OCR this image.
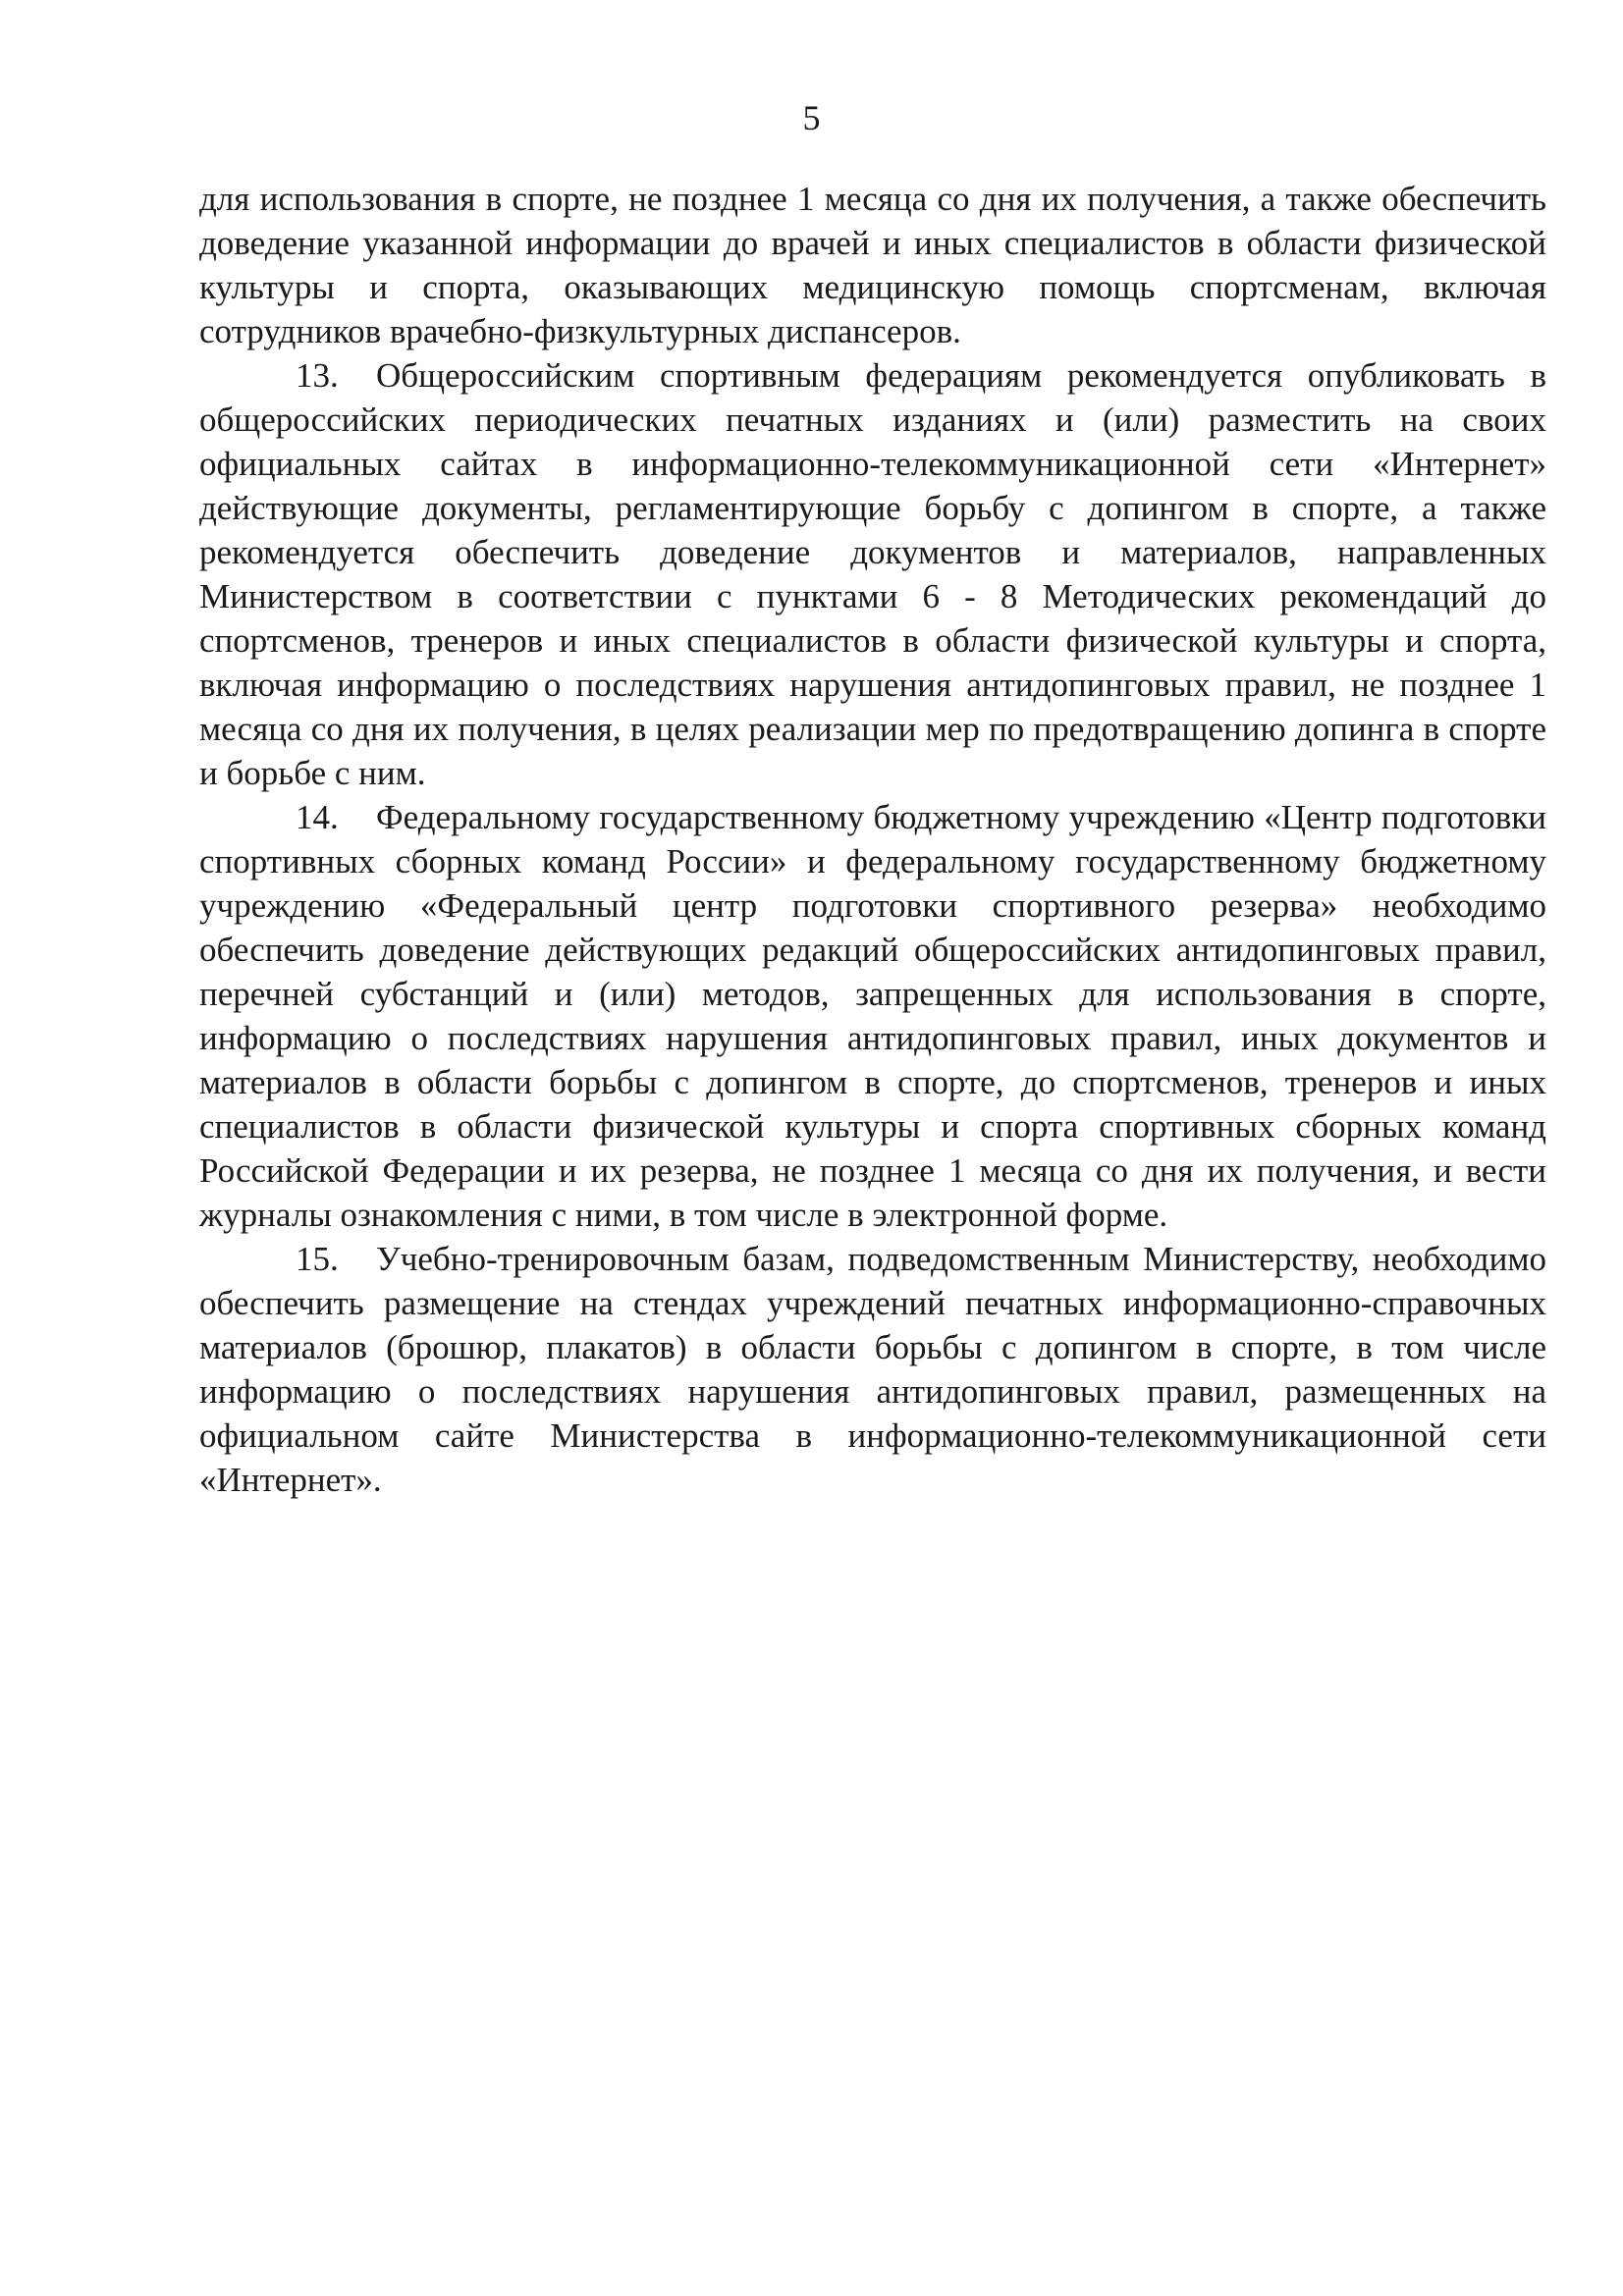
5

для использования в спорте, не позднее 1 месяца со дня их получения, а также обеспечить доведение указанной информации до врачей и иных специалистов в области физической культуры и спорта, оказывающих медицинскую помощь спортсменам, включая сотрудников врачебно-физкультурных диспансеров.

13. Общероссийским спортивным федерациям рекомендуется опубликовать в общероссийских периодических печатных изданиях и (или) разместить на своих официальных сайтах в информационно-телекоммуникационной сети «Интернет» действующие документы, регламентирующие борьбу с допингом в спорте, а также рекомендуется обеспечить доведение документов и материалов, направленных Министерством в соответствии с пунктами 6 - 8 Методических рекомендаций до спортсменов, тренеров и иных специалистов в области физической культуры и спорта, включая информацию о последствиях нарушения антидопинговых правил, не позднее 1 месяца со дня их получения, в целях реализации мер по предотвращению допинга в спорте и борьбе с ним.

14. Федеральному государственному бюджетному учреждению «Центр подготовки спортивных сборных команд России» и федеральному государственному бюджетному учреждению «Федеральный центр подготовки спортивного резерва» необходимо обеспечить доведение действующих редакций общероссийских антидопинговых правил, перечней субстанций и (или) методов, запрещенных для использования в спорте, информацию о последствиях нарушения антидопинговых правил, иных документов и материалов в области борьбы с допингом в спорте, до спортсменов, тренеров и иных специалистов в области физической культуры и спорта спортивных сборных команд Российской Федерации и их резерва, не позднее 1 месяца со дня их получения, и вести журналы ознакомления с ними, в том числе в электронной форме.

15. Учебно-тренировочным базам, подведомственным Министерству, необходимо обеспечить размещение на стендах учреждений печатных информационно-справочных материалов (брошюр, плакатов) в области борьбы с допингом в спорте, в том числе информацию о последствиях нарушения антидопинговых правил, размещенных на официальном сайте Министерства в информационно-телекоммуникационной сети «Интернет».
